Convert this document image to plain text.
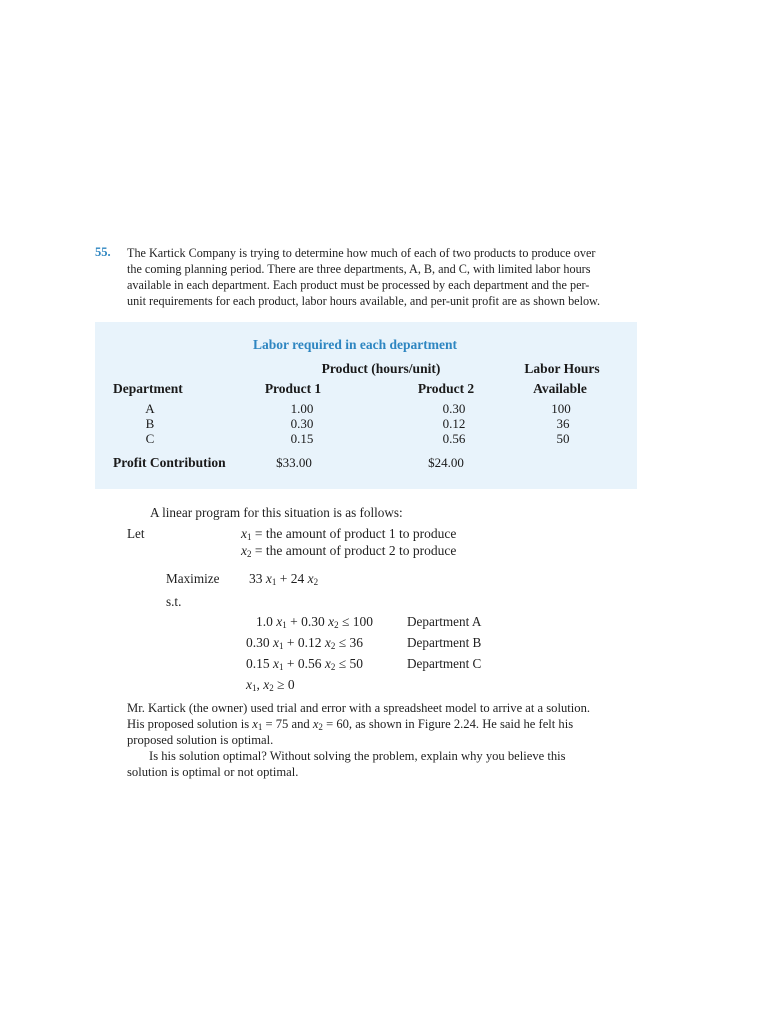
55. The Kartick Company is trying to determine how much of each of two products to produce over
the coming planning period. There are three departments, A, B, and C, with limited labor hours
available in each department. Each product must be processed by each department and the per-
unit requirements for each product, labor hours available, and per-unit profit are as shown below.
Labor required in each department
Product (hours/unit)	Labor Hours
Department	Product 1	Product 2	Available
A	1.00	0.30	100
B	0.30	0.12	36
C	0.15	0.56	50
Profit Contribution	$33.00	$24.00
A linear program for this situation is as follows:
Let	$x_1$ = the amount of product 1 to produce
$x_2$ = the amount of product 2 to produce
Maximize 33 $x_1 + 24$ $x_2$
s.t.
1.0 $x_1 + 0.30$ $x_2 \le 100$	Department A
0.30 $x_1 + 0.12$ $x_2 \le 36$	Department B
0.15 $x_1 + 0.56$ $x_2 \le 50$	Department C
$x_1$, $x_2 \ge 0$
Mr. Kartick (the owner) used trial and error with a spreadsheet model to arrive at a solution.
His proposed solution is $x_1 = 75$ and $x_2 = 60$, as shown in Figure 2.24. He said he felt his
proposed solution is optimal.
Is his solution optimal? Without solving the problem, explain why you believe this
solution is optimal or not optimal.
